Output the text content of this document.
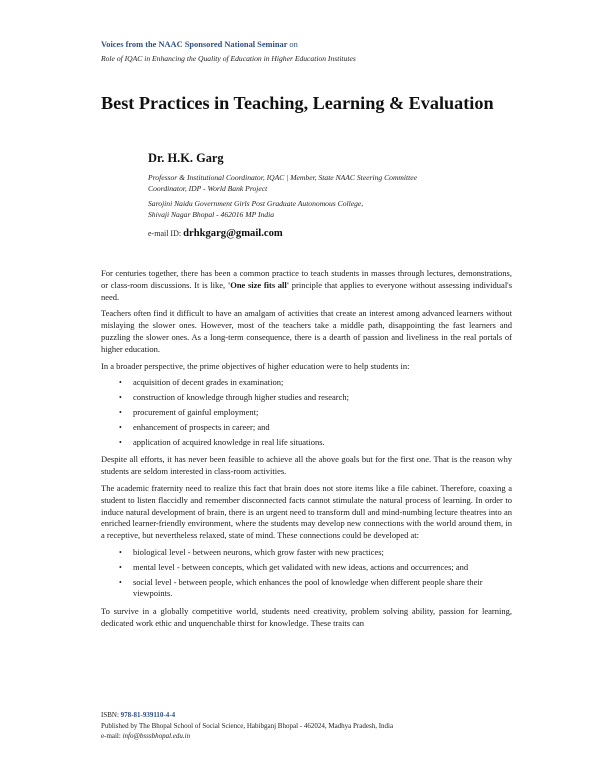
Voices from the NAAC Sponsored National Seminar on
Role of IQAC in Enhancing the Quality of Education in Higher Education Institutes
Best Practices in Teaching, Learning & Evaluation
Dr. H.K. Garg
Professor & Institutional Coordinator, IQAC | Member, State NAAC Steering Committee
Coordinator, IDP - World Bank Project
Sarojini Naidu Government Girls Post Graduate Autonomous College,
Shivaji Nagar Bhopal - 462016 MP India
e-mail ID: drhkgarg@gmail.com

For centuries together, there has been a common practice to teach students in masses through lectures, demonstrations, or class-room discussions. It is like, 'One size fits all' principle that applies to everyone without assessing individual's need.

Teachers often find it difficult to have an amalgam of activities that create an interest among advanced learners without mislaying the slower ones. However, most of the teachers take a middle path, disappointing the fast learners and puzzling the slower ones. As a long-term consequence, there is a dearth of passion and liveliness in the real portals of higher education.

In a broader perspective, the prime objectives of higher education were to help students in:

• acquisition of decent grades in examination;
• construction of knowledge through higher studies and research;
• procurement of gainful employment;
• enhancement of prospects in career; and
• application of acquired knowledge in real life situations.

Despite all efforts, it has never been feasible to achieve all the above goals but for the first one. That is the reason why students are seldom interested in class-room activities.

The academic fraternity need to realize this fact that brain does not store items like a file cabinet. Therefore, coaxing a student to listen flaccidly and remember disconnected facts cannot stimulate the natural process of learning. In order to induce natural development of brain, there is an urgent need to transform dull and mind-numbing lecture theatres into an enriched learner-friendly environment, where the students may develop new connections with the world around them, in a receptive, but nevertheless relaxed, state of mind. These connections could be developed at:

• biological level - between neurons, which grow faster with new practices;
• mental level - between concepts, which get validated with new ideas, actions and occurrences; and
• social level - between people, which enhances the pool of knowledge when different people share their viewpoints.

To survive in a globally competitive world, students need creativity, problem solving ability, passion for learning, dedicated work ethic and unquenchable thirst for knowledge. These traits can

ISBN: 978-81-939110-4-4
Published by The Bhopal School of Social Science, Habibganj Bhopal - 462024, Madhya Pradesh, India
e-mail: info@bsssbhopal.edu.in
